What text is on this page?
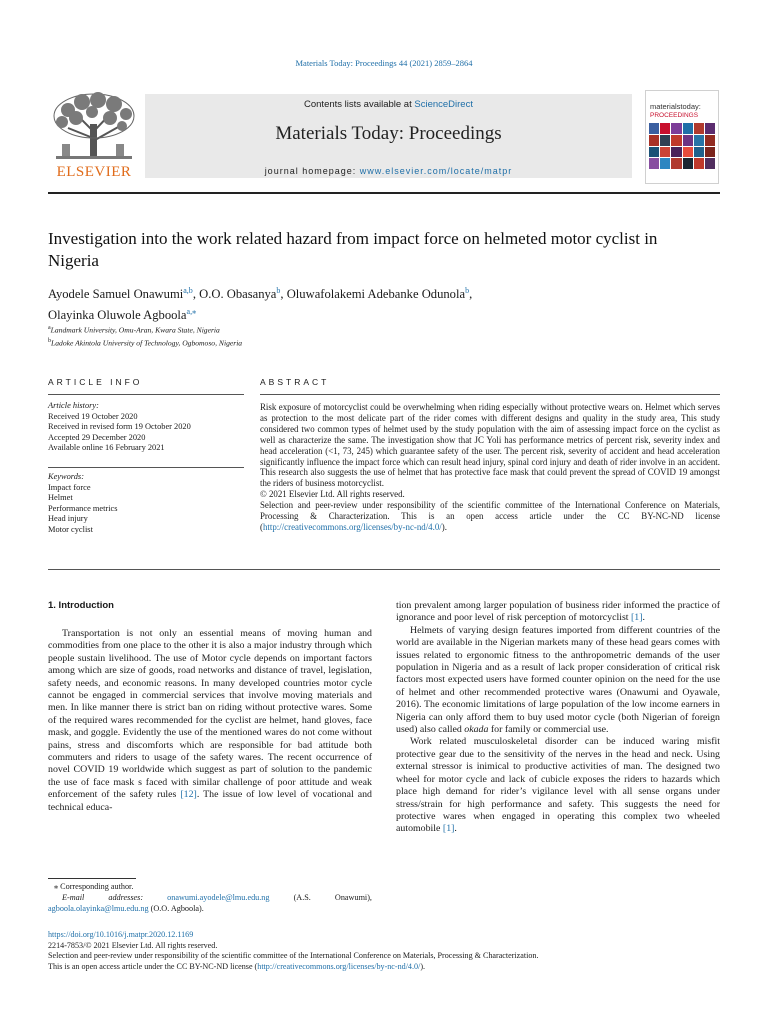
Materials Today: Proceedings 44 (2021) 2859–2864
ELSEVIER
Contents lists available at ScienceDirect
Materials Today: Proceedings
journal homepage: www.elsevier.com/locate/matpr
materialstoday:
PROCEEDINGS
Investigation into the work related hazard from impact force on helmeted motor cyclist in Nigeria
Ayodele Samuel Onawumi$^{a,b}$, O.O. Obasanya$^b$, Oluwafolakemi Adebanke Odunola$^b$,
Olayinka Oluwole Agboola$^{a,⁎}$
$^a$Landmark University, Omu-Aran, Kwara State, Nigeria
$^b$Ladoke Akintola University of Technology, Ogbomoso, Nigeria
ARTICLE INFO	ABSTRACT
Article history:
Received 19 October 2020
Received in revised form 19 October 2020
Accepted 29 December 2020
Available online 16 February 2021
Keywords:
Impact force
Helmet
Performance metrics
Head injury
Motor cyclist

Risk exposure of motorcyclist could be overwhelming when riding especially without protective wears on. Helmet which serves as protection to the most delicate part of the rider comes with different designs and quality in the study area, This study considered two common types of helmet used by the study population with the aim of assessing impact force on the cyclist as well as characterize the same. The investigation show that JC Yoli has performance metrics of percent risk, severity index and head acceleration (<1, 73, 245) which guarantee safety of the user. The percent risk, severity of accident and head acceleration significantly influence the impact force which can result head injury, spinal cord injury and death of rider involve in an accident. This research also suggests the use of helmet that has protective face mask that could prevent the spread of COVID 19 amongst the riders of business motorcyclist.

© 2021 Elsevier Ltd. All rights reserved.

Selection and peer-review under responsibility of the scientific committee of the International Conference on Materials, Processing & Characterization. This is an open access article under the CC BY-NC-ND license (http://creativecommons.org/licenses/by-nc-nd/4.0/).

1. Introduction

Transportation is not only an essential means of moving human and commodities from one place to the other it is also a major industry through which people sustain livelihood. The use of Motor cycle depends on important factors among which are size of goods, road networks and distance of travel, legislation, safety needs, and economic reasons. In many developed countries motor cycle cannot be engaged in commercial services that involve moving materials and men. In like manner there is strict ban on riding without protective wares. Some of the required wares recommended for the cyclist are helmet, hand gloves, face mask, and goggle. Evidently the use of the mentioned wares do not come without pains, stress and discomforts which are responsible for bad attitude both commuters and riders to usage of the safety wares. The recent occurrence of novel COVID 19 worldwide which suggest as part of solution to the pandemic the use of face mask s faced with similar challenge of poor attitude and weak enforcement of the safety rules [12]. The issue of low level of vocational and technical educa-

tion prevalent among larger population of business rider informed the practice of ignorance and poor level of risk perception of motorcyclist [1].

Helmets of varying design features imported from different countries of the world are available in the Nigerian markets many of these head gears comes with issues related to ergonomic fitness to the anthropometric demands of the user population in Nigeria and as a result of lack proper consideration of critical risk factors most expected users have formed counter opinion on the need for the use of helmet and other recommended protective wares (Onawumi and Oyawale, 2016). The economic limitations of large population of the low income earners in Nigeria can only afford them to buy used motor cycle (both Nigerian of foreign used) also called okada for family or commercial use.

Work related musculoskeletal disorder can be induced waring misfit protective gear due to the sensitivity of the nerves in the head and neck. Using external stressor is inimical to productive activities of man. The designed two wheel for motor cycle and lack of cubicle exposes the riders to hazards which place high demand for rider’s vigilance level with all sense organs under stress/strain for high performance and safety. This suggests the need for protective wares when engaged in operating this complex two wheeled automobile [1].

⁎ Corresponding author.
E-mail addresses: onawumi.ayodele@lmu.edu.ng (A.S. Onawumi), agboola.olayinka@lmu.edu.ng (O.O. Agboola).
https://doi.org/10.1016/j.matpr.2020.12.1169
2214-7853/© 2021 Elsevier Ltd. All rights reserved.
Selection and peer-review under responsibility of the scientific committee of the International Conference on Materials, Processing & Characterization.
This is an open access article under the CC BY-NC-ND license (http://creativecommons.org/licenses/by-nc-nd/4.0/).
